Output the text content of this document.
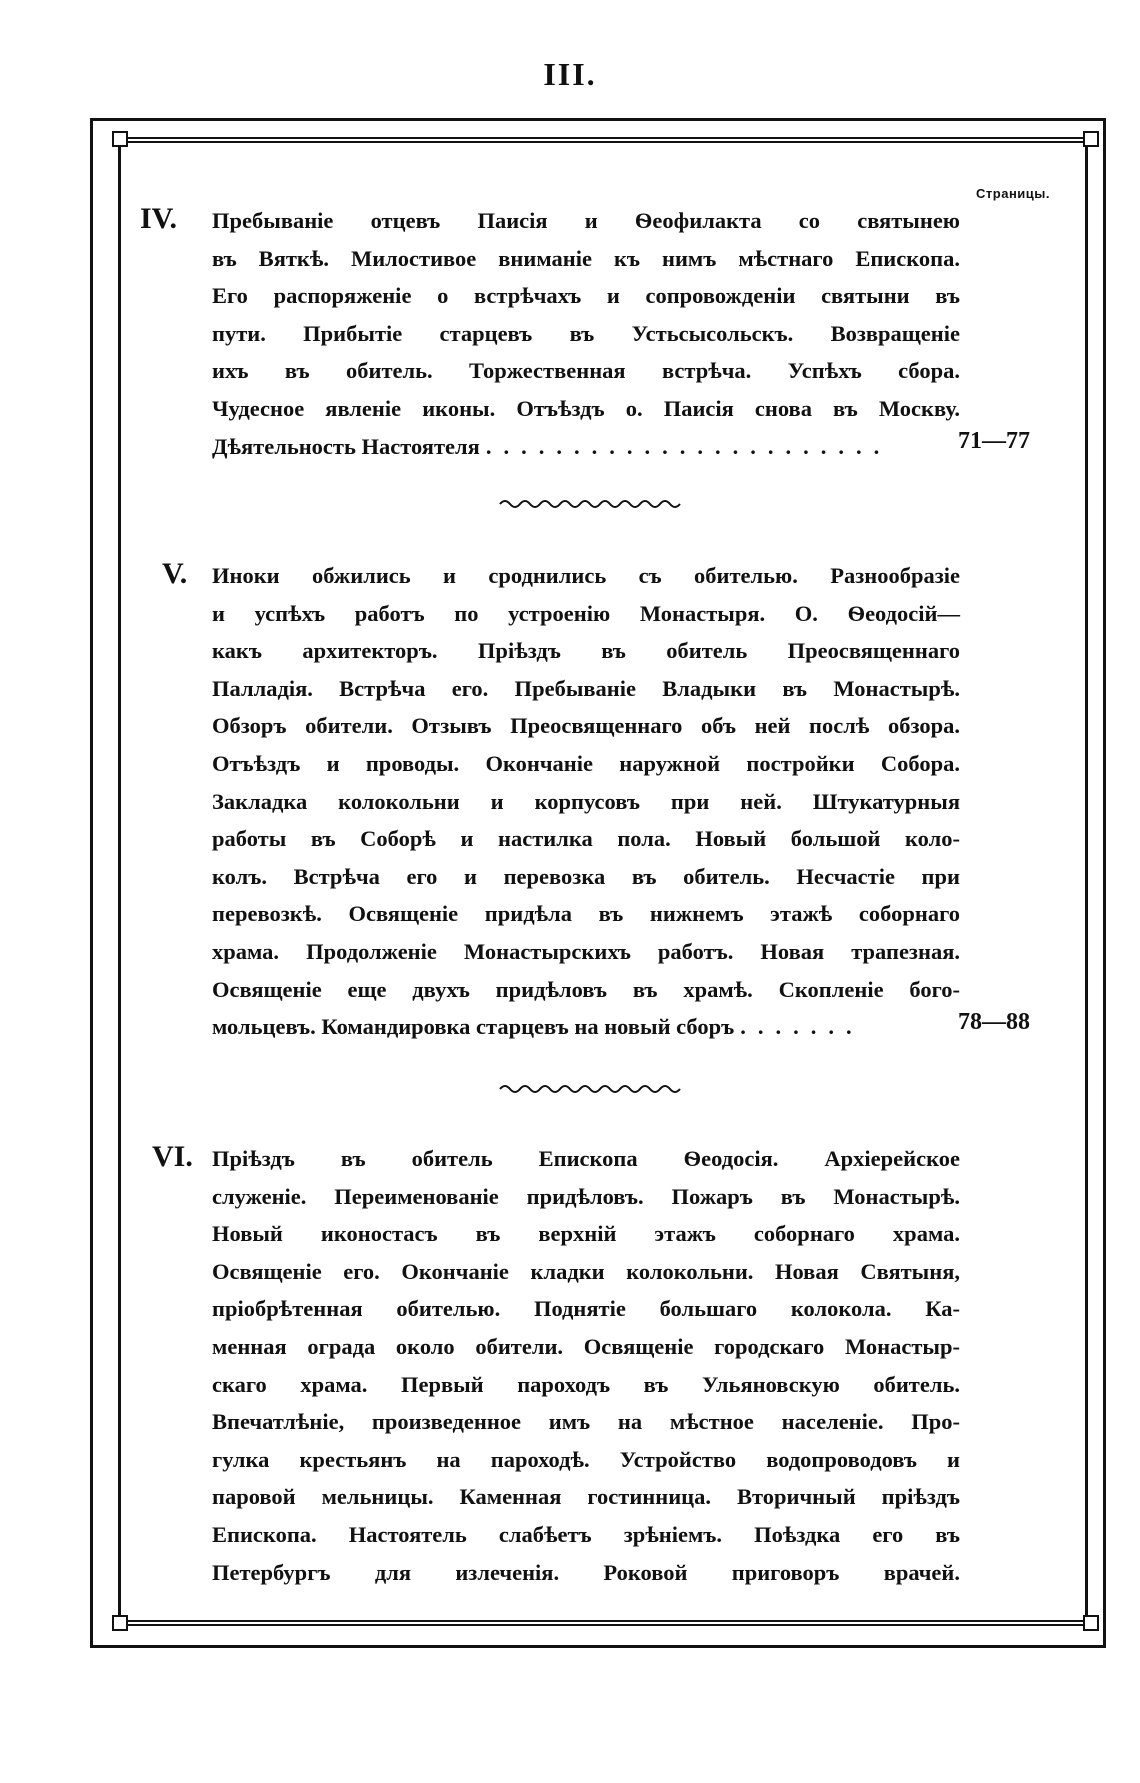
III.
Страницы.
IV. Пребываніе отцевъ Паисія и Ѳеофилакта со святынею
въ Вяткѣ. Милостивое вниманіе къ нимъ мѣстнаго Епископа.
Его распоряженіе о встрѣчахъ и сопровожденіи святыни въ
пути. Прибытіе старцевъ въ Устьсысольскъ. Возвращеніе
ихъ въ обитель. Торжественная встрѣча. Успѣхъ сбора.
Чудесное явленіе иконы. Отъѣздъ о. Паисія снова въ Москву.
Дѣятельность Настоятеля .......................	71—77
V. Иноки обжились и сроднились съ обителью. Разнообразіе
и успѣхъ работъ по устроенію Монастыря. О. Ѳеодосій—
какъ архитекторъ. Пріѣздъ въ обитель Преосвященнаго
Палладія. Встрѣча его. Пребываніе Владыки въ Монастырѣ.
Обзоръ обители. Отзывъ Преосвященнаго объ ней послѣ обзора.
Отъѣздъ и проводы. Окончаніе наружной постройки Собора.
Закладка колокольни и корпусовъ при ней. Штукатурныя
работы въ Соборѣ и настилка пола. Новый большой коло-
колъ. Встрѣча его и перевозка въ обитель. Несчастіе при
перевозкѣ. Освященіе придѣла въ нижнемъ этажѣ соборнаго
храма. Продолженіе Монастырскихъ работъ. Новая трапезная.
Освященіе еще двухъ придѣловъ въ храмѣ. Скопленіе бого-
мольцевъ. Командировка старцевъ на новый сборъ .......	78—88
VI. Пріѣздъ въ обитель Епископа Ѳеодосія. Архіерейское
служеніе. Переименованіе придѣловъ. Пожаръ въ Монастырѣ.
Новый иконостасъ въ верхній этажъ соборнаго храма.
Освященіе его. Окончаніе кладки колокольни. Новая Святыня,
пріобрѣтенная обителью. Поднятіе большаго колокола. Ка-
менная ограда около обители. Освященіе городскаго Монастыр-
скаго храма. Первый пароходъ въ Ульяновскую обитель.
Впечатлѣніе, произведенное имъ на мѣстное населеніе. Про-
гулка крестьянъ на пароходѣ. Устройство водопроводовъ и
паровой мельницы. Каменная гостинница. Вторичный пріѣздъ
Епископа. Настоятель слабѣетъ зрѣніемъ. Поѣздка его въ
Петербургъ для излеченія. Роковой приговоръ врачей.
